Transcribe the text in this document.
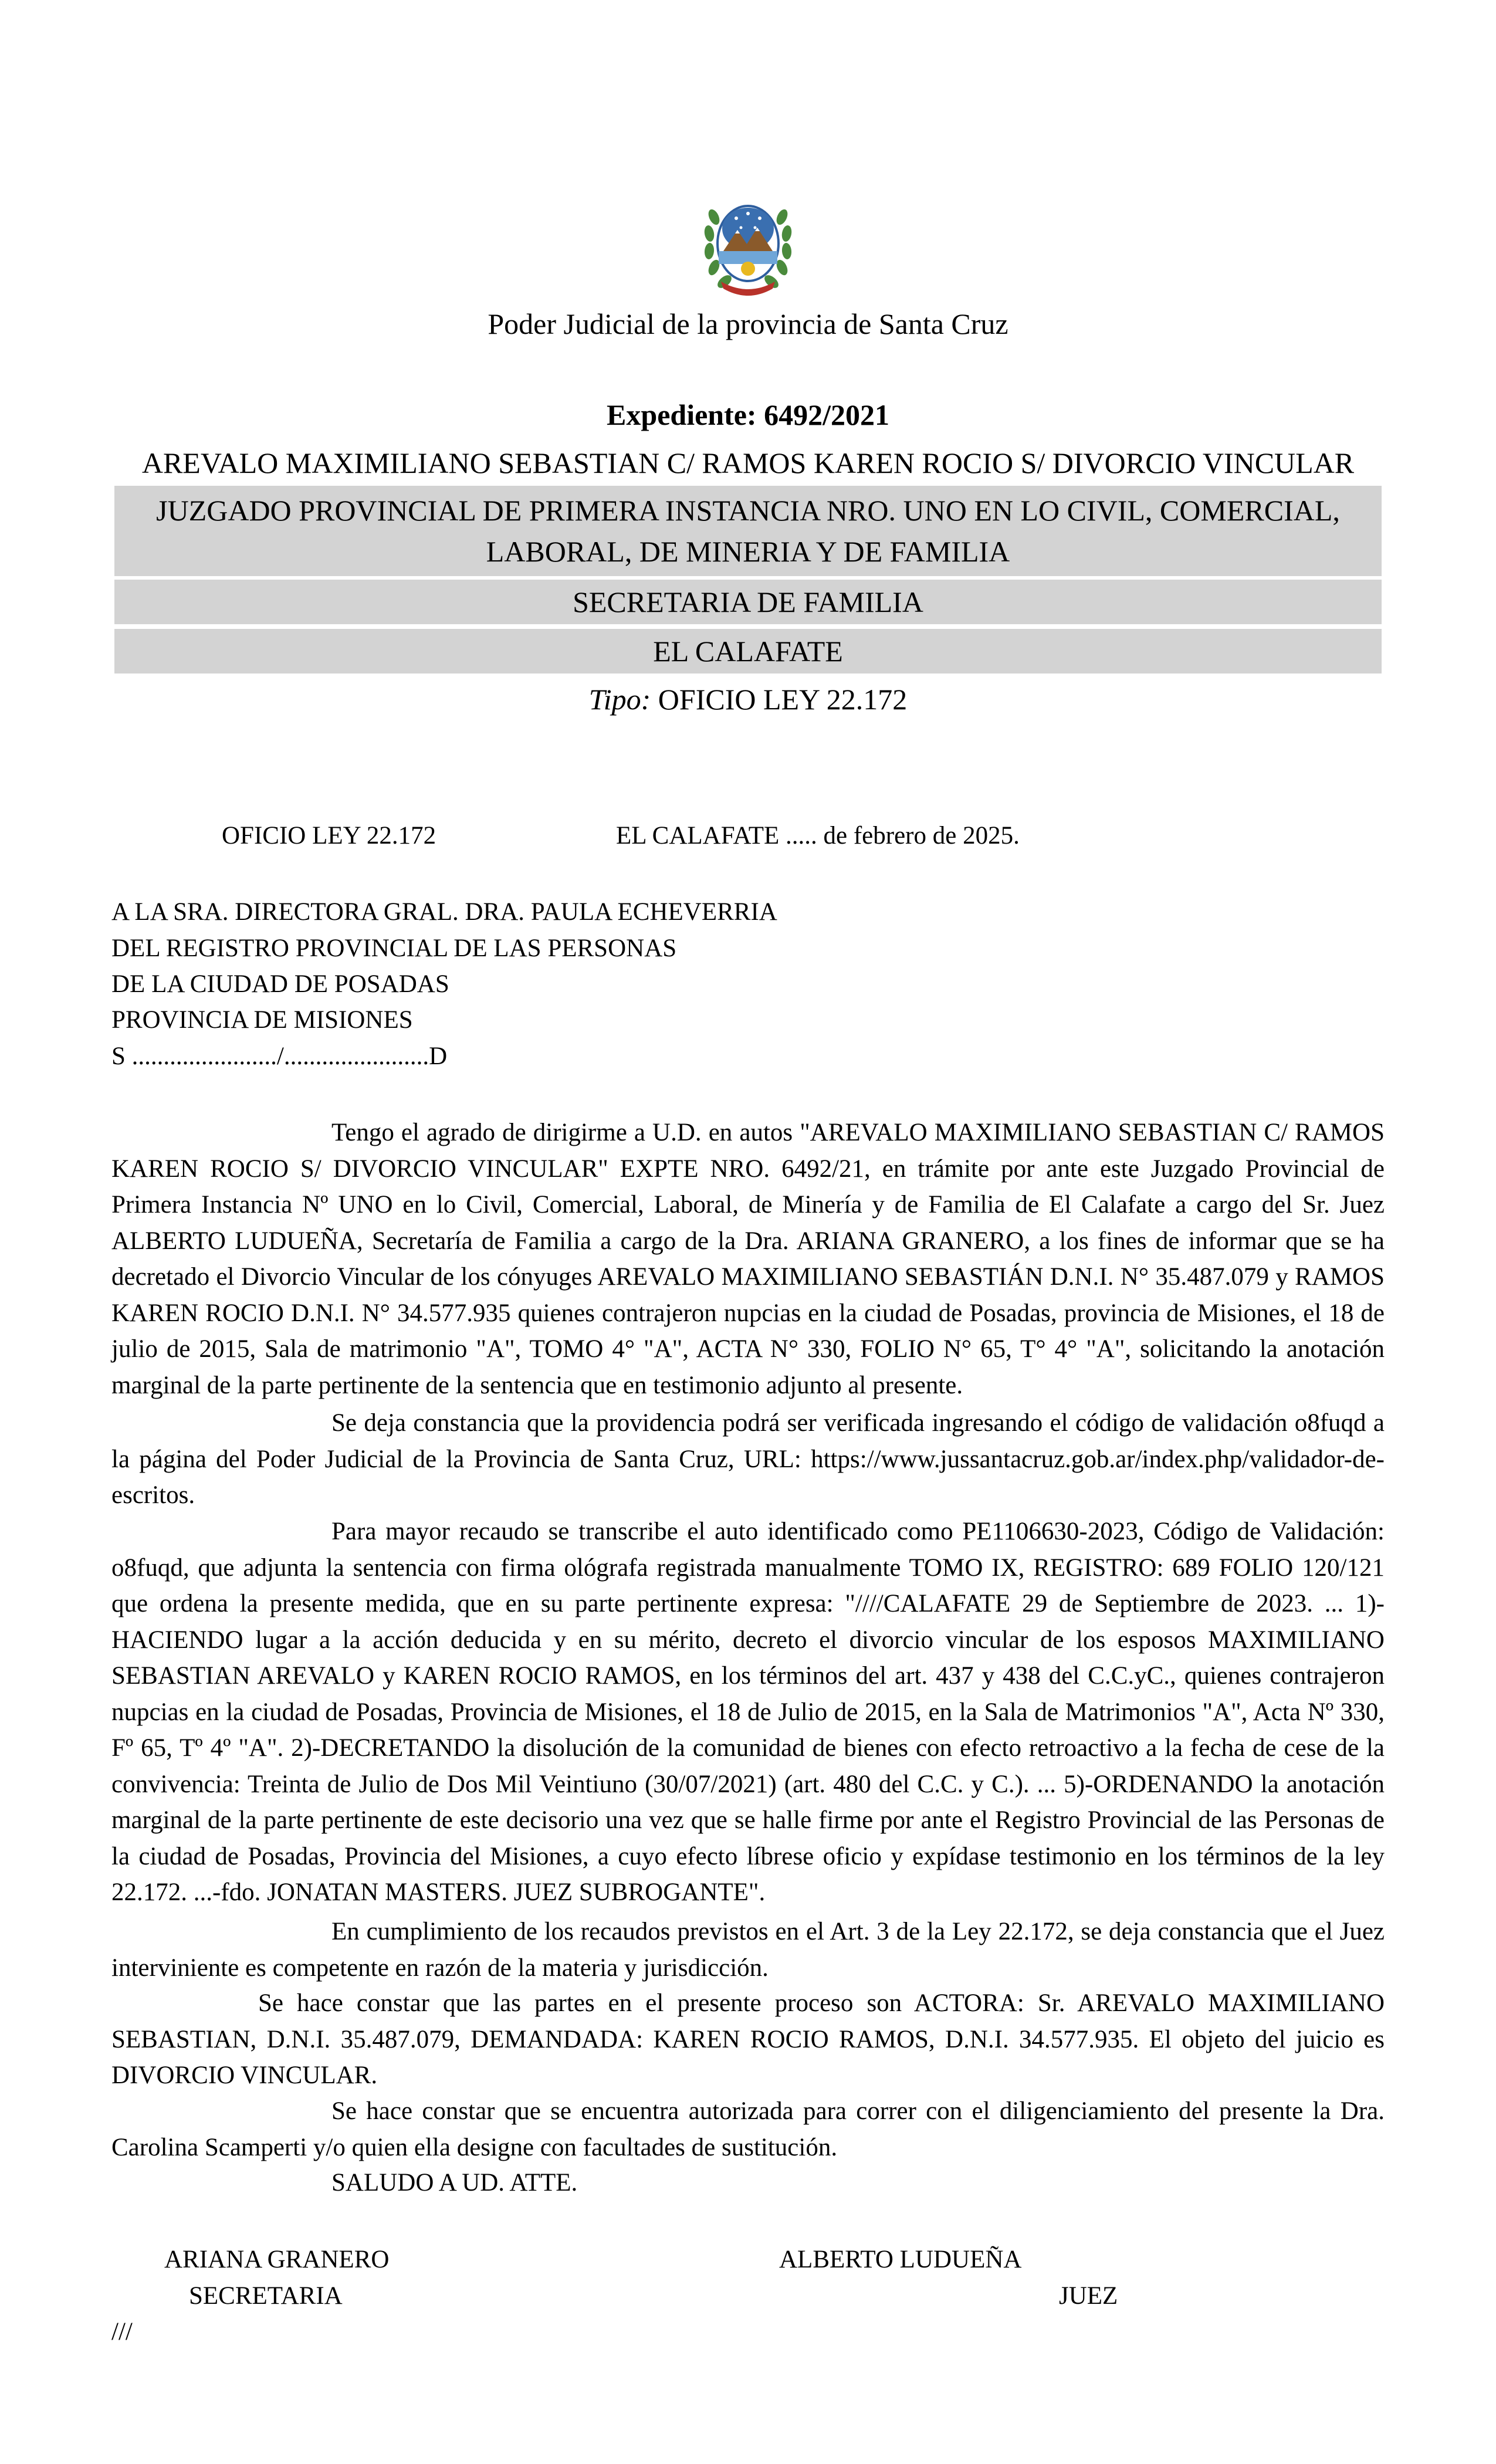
Poder Judicial de la provincia de Santa Cruz
Expediente: 6492/2021
AREVALO MAXIMILIANO SEBASTIAN C/ RAMOS KAREN ROCIO S/ DIVORCIO VINCULAR
JUZGADO PROVINCIAL DE PRIMERA INSTANCIA NRO. UNO EN LO CIVIL, COMERCIAL,
LABORAL, DE MINERIA Y DE FAMILIA
SECRETARIA DE FAMILIA
EL CALAFATE
Tipo: OFICIO LEY 22.172
OFICIO LEY 22.172	EL CALAFATE ..... de febrero de 2025.
A LA SRA. DIRECTORA GRAL. DRA. PAULA ECHEVERRIA
DEL REGISTRO PROVINCIAL DE LAS PERSONAS
DE LA CIUDAD DE POSADAS
PROVINCIA DE MISIONES
S ......................./.......................D

Tengo el agrado de dirigirme a U.D. en autos "AREVALO MAXIMILIANO SEBASTIAN C/ RAMOS KAREN ROCIO S/ DIVORCIO VINCULAR" EXPTE NRO. 6492/21, en trámite por ante este Juzgado Provincial de Primera Instancia Nº UNO en lo Civil, Comercial, Laboral, de Minería y de Familia de El Calafate a cargo del Sr. Juez ALBERTO LUDUEÑA, Secretaría de Familia a cargo de la Dra. ARIANA GRANERO, a los fines de informar que se ha decretado el Divorcio Vincular de los cónyuges AREVALO MAXIMILIANO SEBASTIÁN D.N.I. N° 35.487.079 y RAMOS KAREN ROCIO D.N.I. N° 34.577.935 quienes contrajeron nupcias en la ciudad de Posadas, provincia de Misiones, el 18 de julio de 2015, Sala de matrimonio "A", TOMO 4° "A", ACTA N° 330, FOLIO N° 65, T° 4° "A", solicitando la anotación marginal de la parte pertinente de la sentencia que en testimonio adjunto al presente.

Se deja constancia que la providencia podrá ser verificada ingresando el código de validación o8fuqd a la página del Poder Judicial de la Provincia de Santa Cruz, URL: https://www.jussantacruz.gob.ar/index.php/validador-de-escritos.

Para mayor recaudo se transcribe el auto identificado como PE1106630-2023, Código de Validación: o8fuqd, que adjunta la sentencia con firma ológrafa registrada manualmente TOMO IX, REGISTRO: 689 FOLIO 120/121 que ordena la presente medida, que en su parte pertinente expresa: "////CALAFATE 29 de Septiembre de 2023. ... 1)-HACIENDO lugar a la acción deducida y en su mérito, decreto el divorcio vincular de los esposos MAXIMILIANO SEBASTIAN AREVALO y KAREN ROCIO RAMOS, en los términos del art. 437 y 438 del C.C.yC., quienes contrajeron nupcias en la ciudad de Posadas, Provincia de Misiones, el 18 de Julio de 2015, en la Sala de Matrimonios "A", Acta Nº 330, Fº 65, Tº 4º "A". 2)-DECRETANDO la disolución de la comunidad de bienes con efecto retroactivo a la fecha de cese de la convivencia: Treinta de Julio de Dos Mil Veintiuno (30/07/2021) (art. 480 del C.C. y C.). ... 5)-ORDENANDO la anotación marginal de la parte pertinente de este decisorio una vez que se halle firme por ante el Registro Provincial de las Personas de la ciudad de Posadas, Provincia del Misiones, a cuyo efecto líbrese oficio y expídase testimonio en los términos de la ley 22.172. ...-fdo. JONATAN MASTERS. JUEZ SUBROGANTE".

En cumplimiento de los recaudos previstos en el Art. 3 de la Ley 22.172, se deja constancia que el Juez interviniente es competente en razón de la materia y jurisdicción.

Se hace constar que las partes en el presente proceso son ACTORA: Sr. AREVALO MAXIMILIANO SEBASTIAN, D.N.I. 35.487.079, DEMANDADA: KAREN ROCIO RAMOS, D.N.I. 34.577.935. El objeto del juicio es DIVORCIO VINCULAR.

Se hace constar que se encuentra autorizada para correr con el diligenciamiento del presente la Dra. Carolina Scamperti y/o quien ella designe con facultades de sustitución.

SALUDO A UD. ATTE.
ARIANA GRANERO
SECRETARIA
ALBERTO LUDUEÑA
JUEZ
///
